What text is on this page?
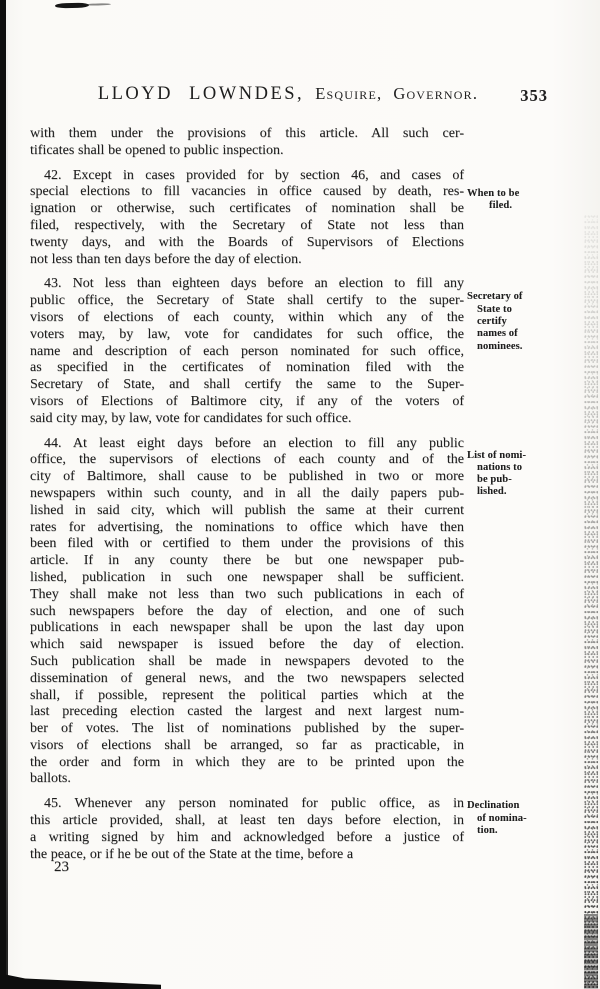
LLOYD LOWNDES, Esquire, Governor.	353
with them under the provisions of this article. All such cer-
tificates shall be opened to public inspection.
42. Except in cases provided for by section 46, and cases of
special elections to fill vacancies in office caused by death, res-
ignation or otherwise, such certificates of nomination shall be
filed, respectively, with the Secretary of State not less than
twenty days, and with the Boards of Supervisors of Elections
not less than ten days before the day of election.
When to be
filed.
43. Not less than eighteen days before an election to fill any
public office, the Secretary of State shall certify to the super-
visors of elections of each county, within which any of the
voters may, by law, vote for candidates for such office, the
name and description of each person nominated for such office,
as specified in the certificates of nomination filed with the
Secretary of State, and shall certify the same to the Super-
visors of Elections of Baltimore city, if any of the voters of
said city may, by law, vote for candidates for such office.
Secretary of
State to
certify
names of
nominees.
44. At least eight days before an election to fill any public
office, the supervisors of elections of each county and of the
city of Baltimore, shall cause to be published in two or more
newspapers within such county, and in all the daily papers pub-
lished in said city, which will publish the same at their current
rates for advertising, the nominations to office which have then
been filed with or certified to them under the provisions of this
article. If in any county there be but one newspaper pub-
lished, publication in such one newspaper shall be sufficient.
They shall make not less than two such publications in each of
such newspapers before the day of election, and one of such
publications in each newspaper shall be upon the last day upon
which said newspaper is issued before the day of election.
Such publication shall be made in newspapers devoted to the
dissemination of general news, and the two newspapers selected
shall, if possible, represent the political parties which at the
last preceding election casted the largest and next largest num-
ber of votes. The list of nominations published by the super-
visors of elections shall be arranged, so far as practicable, in
the order and form in which they are to be printed upon the
ballots.
List of nomi-
nations to
be pub-
lished.
45. Whenever any person nominated for public office, as in
this article provided, shall, at least ten days before election, in
a writing signed by him and acknowledged before a justice of
the peace, or if he be out of the State at the time, before a
Declination
of nomina-
tion.
23
